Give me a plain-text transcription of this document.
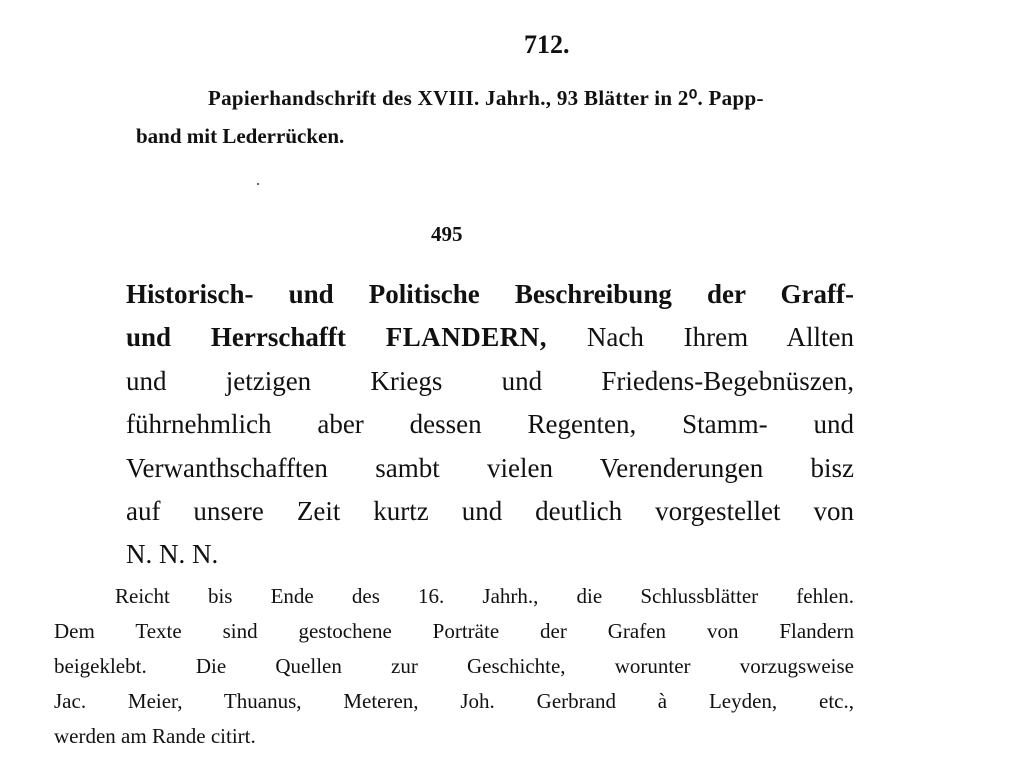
712.
Papierhandschrift des XVIII. Jahrh., 93 Blätter in 2⁰. Papp-
band mit Lederrücken.
495
Historisch- und Politische Beschreibung der Graff-
und Herrschafft FLANDERN, Nach Ihrem Allten
und jetzigen Kriegs und Friedens-Begebnüszen,
führnehmlich aber dessen Regenten, Stamm- und
Verwanthschafften sambt vielen Verenderungen bisz
auf unsere Zeit kurtz und deutlich vorgestellet von
N. N. N.
Reicht bis Ende des 16. Jahrh., die Schlussblätter fehlen.
Dem Texte sind gestochene Porträte der Grafen von Flandern
beigeklebt. Die Quellen zur Geschichte, worunter vorzugsweise
Jac. Meier, Thuanus, Meteren, Joh. Gerbrand à Leyden, etc.,
werden am Rande citirt.
